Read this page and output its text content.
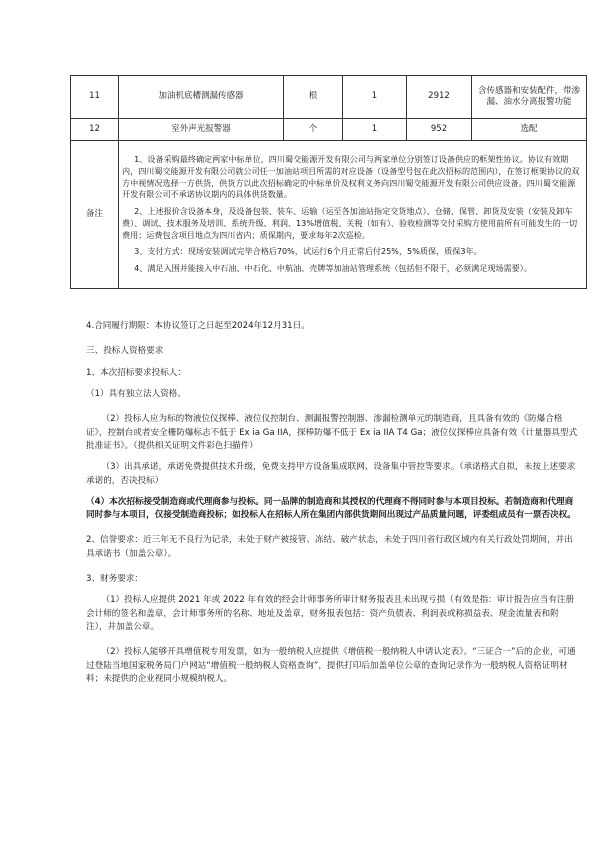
11	加油机底槽测漏传感器	根	1	2912	含传感器和安装配件，带渗漏、油水分离报警功能
12	室外声光报警器	个	1	952	选配
备注	1、设备采购最终确定两家中标单位，四川蜀交能源开发有限公司与两家单位分别签订设备供应的框架性协议。协议有效期内，四川蜀交能源开发有限公司就公司任一加油站项目所需的对应设备（设备型号包在此次招标的范围内），在签订框架协议的双方中视情况选择一方供货，供货方以此次招标确定的中标单价及权利义务向四川蜀交能源开发有限公司供应设备。四川蜀交能源开发有限公司不承诺协议期内的具体供货数量。

2、上述报价含设备本身，及设备包装、装车、运输（运至各加油站指定交货地点）、仓储、保管、卸货及安装（安装及卸车费）、调试、技术服务及培训、系统升级、利润、13%增值税、关税（如有）、验收检测等交付采购方使用前所有可能发生的一切费用；运费包含项目地点为四川省内；质保期内，要求每年2次巡检。

3、支付方式：现场安装调试完毕合格后70%，试运行6个月正常后付25%，5%质保，质保3年。

4、满足入围并能接入中石油、中石化、中航油、壳牌等加油站管理系统（包括但不限于，必须满足现场需要）。				

4.合同履行期限：本协议签订之日起至2024年12月31日。

三、投标人资格要求

1、本次招标要求投标人：

（1）具有独立法人资格。

（2）投标人应为标的物液位仪探棒、液位仪控制台、测漏报警控制器、渗漏检测单元的制造商，且具备有效的《防爆合格证》，控制台或者安全栅防爆标志不低于 Ex ia Ga IIA，探棒防爆不低于 Ex ia IIA T4 Ga；液位仪探棒应具备有效《计量器具型式批准证书》。（提供相关证明文件彩色扫描件）

（3）出具承诺，承诺免费提供技术升级，免费支持甲方设备集成联网、设备集中管控等要求。（承诺格式自拟，未按上述要求承诺的，否决投标）

（4）本次招标接受制造商或代理商参与投标。同一品牌的制造商和其授权的代理商不得同时参与本项目投标。若制造商和代理商同时参与本项目，仅接受制造商投标；如投标人在招标人所在集团内部供货期间出现过产品质量问题，评委组成员有一票否决权。

2、信誉要求：近三年无不良行为记录，未处于财产被接管、冻结、破产状态，未处于四川省行政区域内有关行政处罚期间，并出具承诺书（加盖公章）。

3、财务要求：

（1）投标人应提供 2021 年或 2022 年有效的经会计师事务所审计财务报表且未出现亏损（有效是指：审计报告应当有注册会计师的签名和盖章，会计师事务所的名称、地址及盖章，财务报表包括：资产负债表、利润表或称损益表、现金流量表和附注），并加盖公章。

（2）投标人能够开具增值税专用发票，如为一般纳税人应提供《增值税一般纳税人申请认定表》。“三证合一”后的企业，可通过登陆当地国家税务局门户网站“增值税一般纳税人资格查询”，提供打印后加盖单位公章的查询记录作为一般纳税人资格证明材料；未提供的企业视同小规模纳税人。
